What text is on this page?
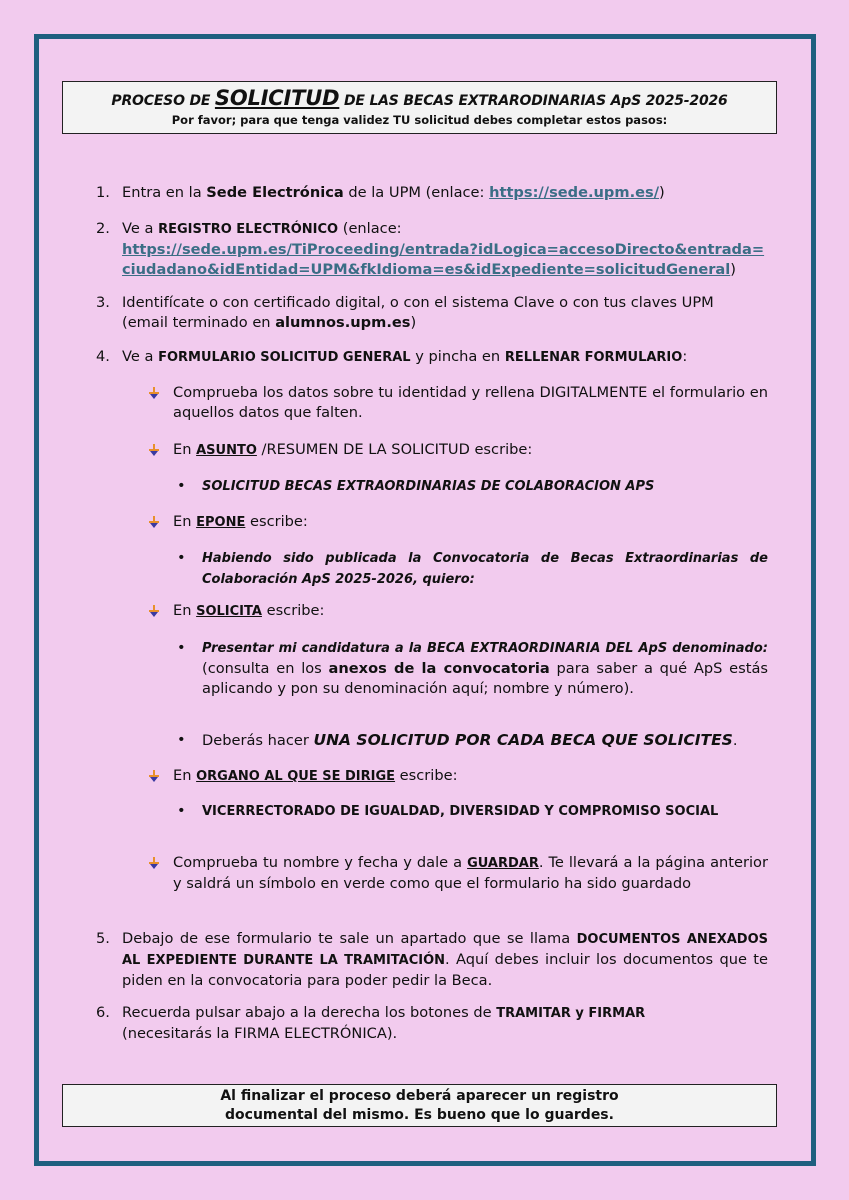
PROCESO DE SOLICITUD DE LAS BECAS EXTRARODINARIAS ApS 2025-2026
Por favor; para que tenga validez TU solicitud debes completar estos pasos:
1. Entra en la Sede Electrónica de la UPM (enlace: https://sede.upm.es/)
2. Ve a REGISTRO ELECTRÓNICO (enlace:
https://sede.upm.es/TiProceeding/entrada?idLogica=accesoDirecto&entrada=
ciudadano&idEntidad=UPM&fkIdioma=es&idExpediente=solicitudGeneral)
3. Identifícate o con certificado digital, o con el sistema Clave o con tus claves UPM
(email terminado en alumnos.upm.es)
4. Ve a FORMULARIO SOLICITUD GENERAL y pincha en RELLENAR FORMULARIO:
Comprueba los datos sobre tu identidad y rellena DIGITALMENTE el formulario en aquellos datos que falten.
En ASUNTO /RESUMEN DE LA SOLICITUD escribe:
• SOLICITUD BECAS EXTRAORDINARIAS DE COLABORACION APS
En EPONE escribe:
• Habiendo sido publicada la Convocatoria de Becas Extraordinarias de Colaboración ApS 2025-2026, quiero:
En SOLICITA escribe:
• Presentar mi candidatura a la BECA EXTRAORDINARIA DEL ApS denominado: (consulta en los anexos de la convocatoria para saber a qué ApS estás aplicando y pon su denominación aquí; nombre y número).
• Deberás hacer UNA SOLICITUD POR CADA BECA QUE SOLICITES.
En ORGANO AL QUE SE DIRIGE escribe:
• VICERRECTORADO DE IGUALDAD, DIVERSIDAD Y COMPROMISO SOCIAL
Comprueba tu nombre y fecha y dale a GUARDAR. Te llevará a la página anterior y saldrá un símbolo en verde como que el formulario ha sido guardado
5. Debajo de ese formulario te sale un apartado que se llama DOCUMENTOS ANEXADOS AL EXPEDIENTE DURANTE LA TRAMITACIÓN. Aquí debes incluir los documentos que te piden en la convocatoria para poder pedir la Beca.
6. Recuerda pulsar abajo a la derecha los botones de TRAMITAR y FIRMAR
(necesitarás la FIRMA ELECTRÓNICA).
Al finalizar el proceso deberá aparecer un registro
documental del mismo. Es bueno que lo guardes.
